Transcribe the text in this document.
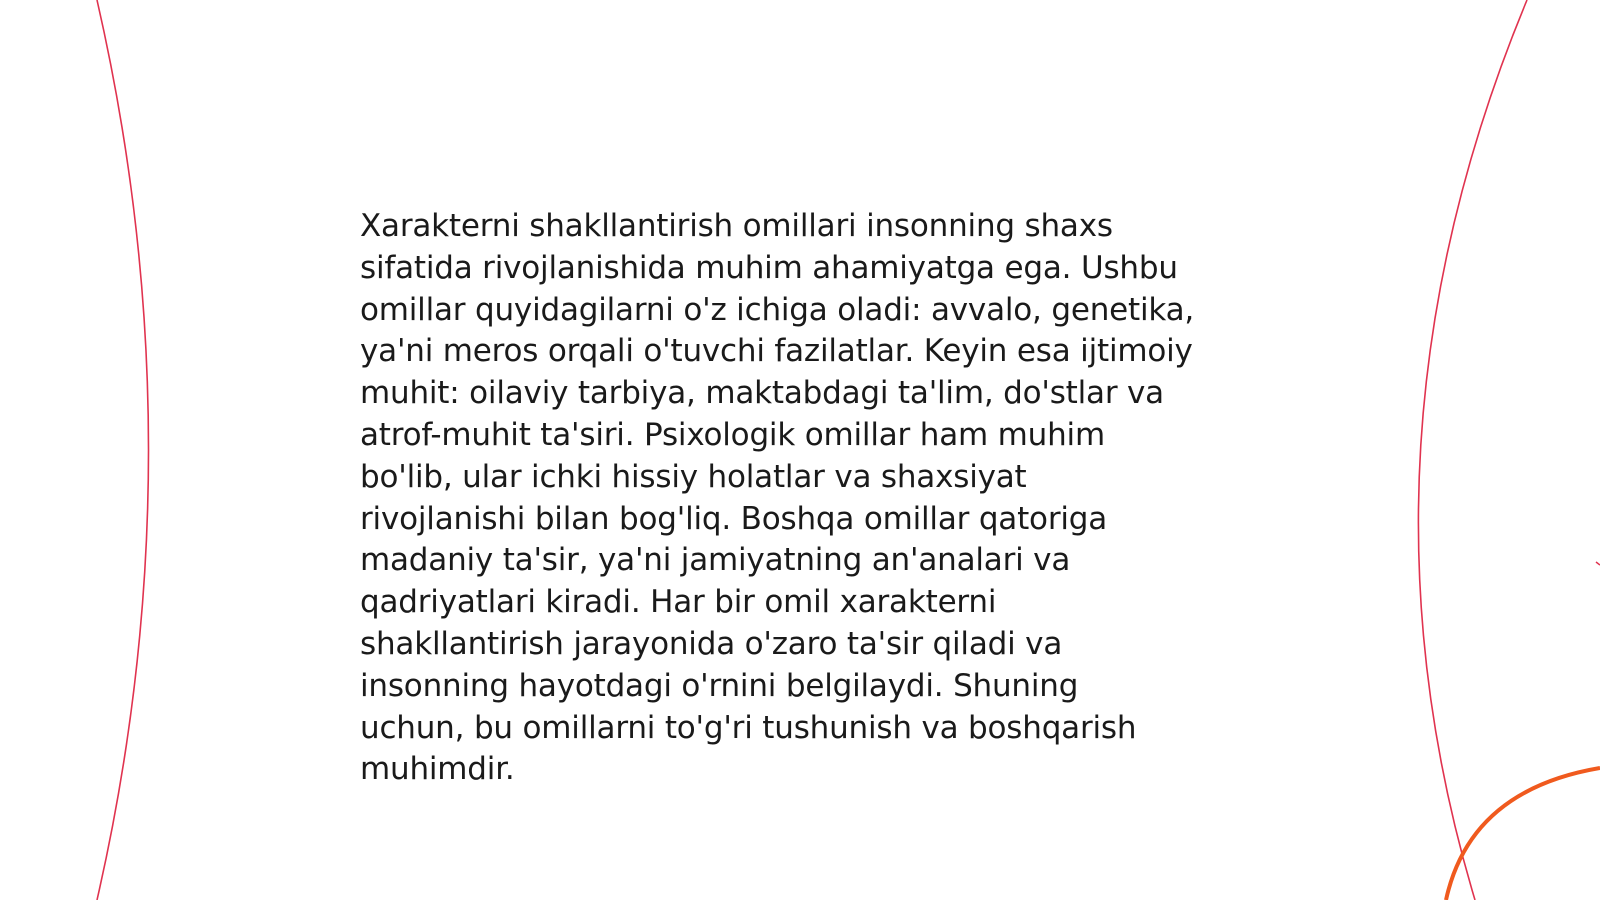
Xarakterni shakllantirish omillari insonning shaxs
sifatida rivojlanishida muhim ahamiyatga ega. Ushbu
omillar quyidagilarni o'z ichiga oladi: avvalo, genetika,
ya'ni meros orqali o'tuvchi fazilatlar. Keyin esa ijtimoiy
muhit: oilaviy tarbiya, maktabdagi ta'lim, do'stlar va
atrof-muhit ta'siri. Psixologik omillar ham muhim
bo'lib, ular ichki hissiy holatlar va shaxsiyat
rivojlanishi bilan bog'liq. Boshqa omillar qatoriga
madaniy ta'sir, ya'ni jamiyatning an'analari va
qadriyatlari kiradi. Har bir omil xarakterni
shakllantirish jarayonida o'zaro ta'sir qiladi va
insonning hayotdagi o'rnini belgilaydi. Shuning
uchun, bu omillarni to'g'ri tushunish va boshqarish
muhimdir.
